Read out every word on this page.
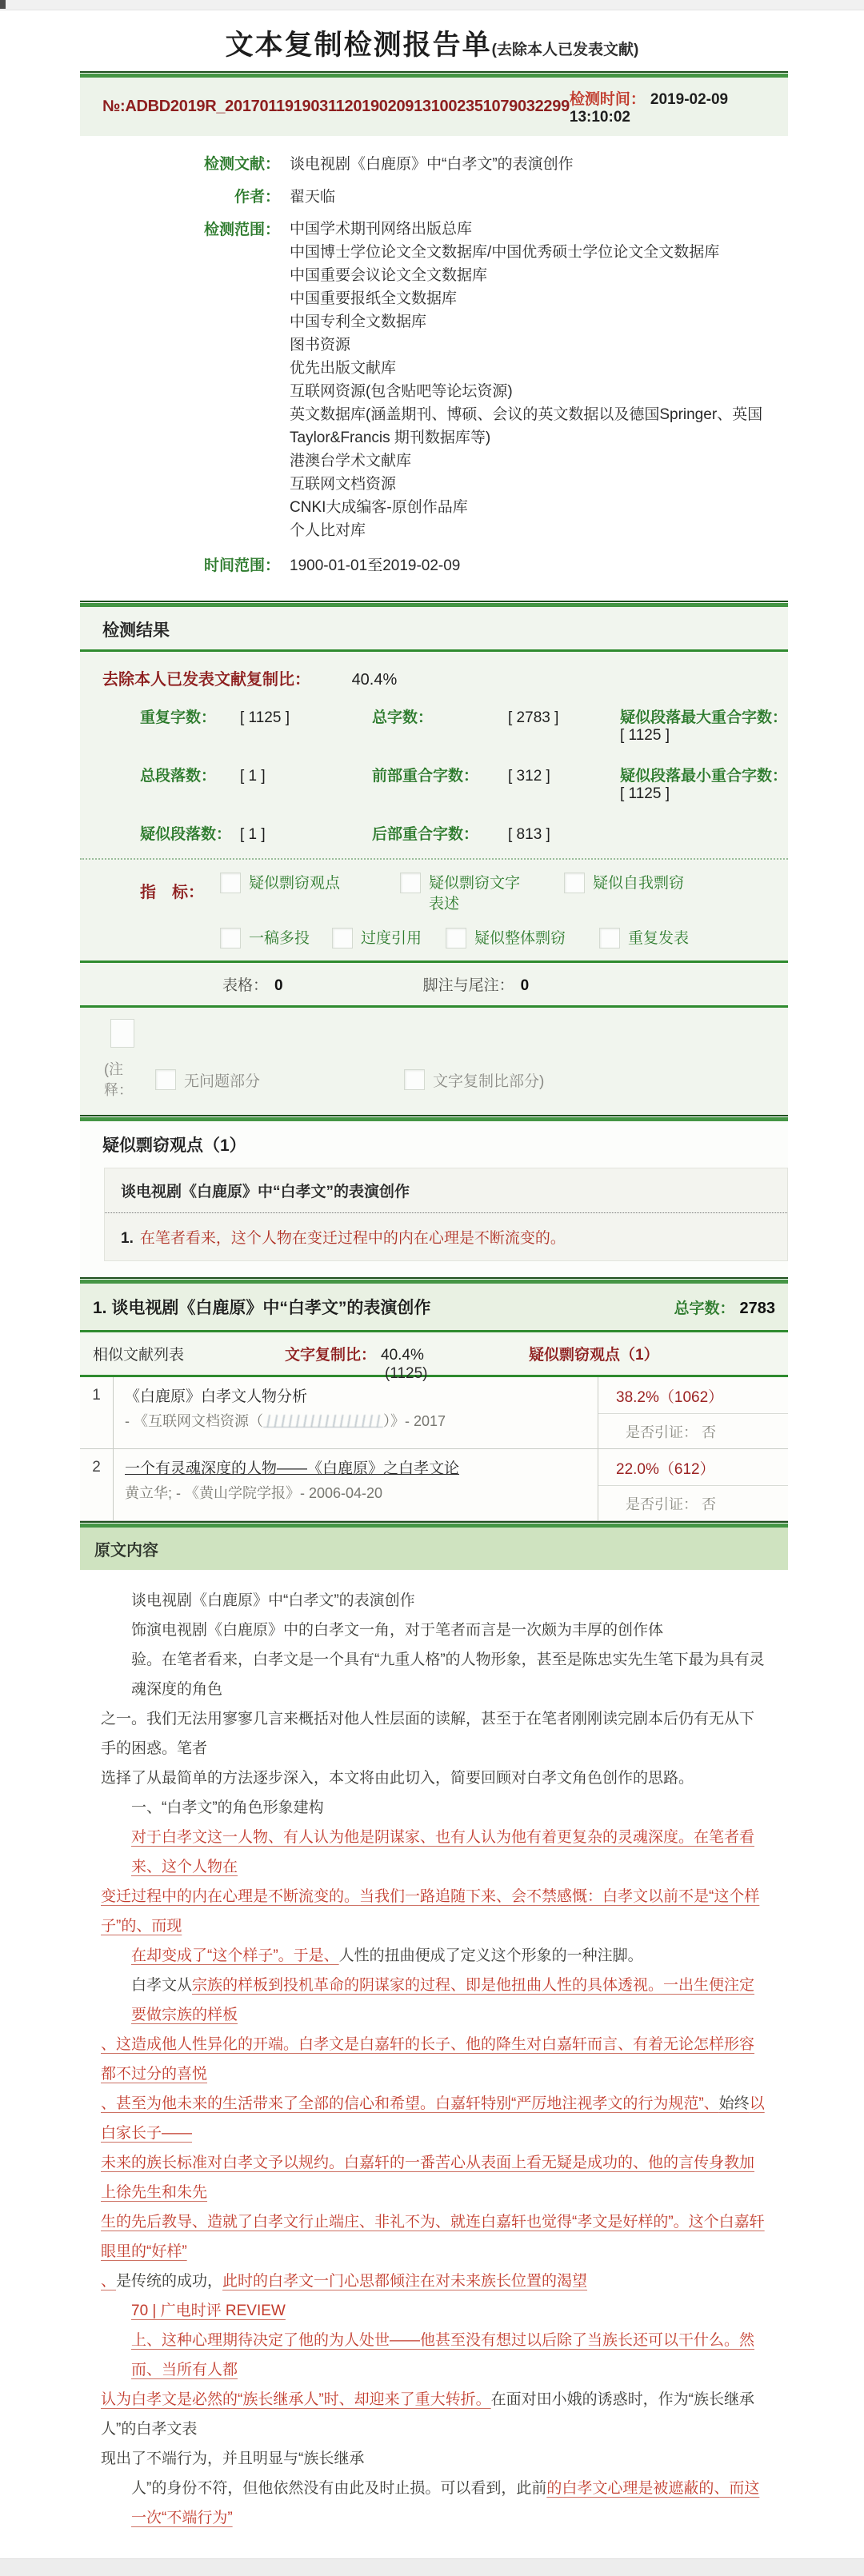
文本复制检测报告单(去除本人已发表文献)
№:ADBD2019R_2017011919031120190209131002351079032299 检测时间： 2019-02-09 13:10:02
检测文献： 谈电视剧《白鹿原》中“白孝文”的表演创作
作者： 翟天临
检测范围： 中国学术期刊网络出版总库
中国博士学位论文全文数据库/中国优秀硕士学位论文全文数据库
中国重要会议论文全文数据库
中国重要报纸全文数据库
中国专利全文数据库
图书资源
优先出版文献库
互联网资源(包含贴吧等论坛资源)
英文数据库(涵盖期刊、博硕、会议的英文数据以及德国Springer、英国Taylor&Francis 期刊数据库等)
港澳台学术文献库
互联网文档资源
CNKI大成编客-原创作品库
个人比对库
时间范围： 1900-01-01至2019-02-09
检测结果
去除本人已发表文献复制比：	40.4%
重复字数： [ 1125 ]	总字数：	[ 2783 ]	疑似段落最大重合字数：[ 1125 ]
总段落数： [ 1 ]	前部重合字数： [ 312 ]	疑似段落最小重合字数：[ 1125 ]
疑似段落数： [ 1 ]	后部重合字数： [ 813 ]
指　标：
疑似剽窃观点	疑似剽窃文字表述
疑似自我剽窃
一稿多投	过度引用	疑似整体剽窃	重复发表
表格： 0	脚注与尾注： 0
(注释：
无问题部分	文字复制比部分)
疑似剽窃观点（1）
谈电视剧《白鹿原》中“白孝文”的表演创作
1. 在笔者看来，这个人物在变迁过程中的内在心理是不断流变的。
1. 谈电视剧《白鹿原》中“白孝文”的表演创作	总字数： 2783
相似文献列表	文字复制比： 40.4%
(1125)
疑似剽窃观点（1）
1	《白鹿原》白孝文人物分析
- 《互联网文档资源（	）》- 2017
38.2%（1062）
是否引证： 否
2	一个有灵魂深度的人物——《白鹿原》之白孝文论
黄立华; - 《黄山学院学报》- 2006-04-20
22.0%（612）
是否引证： 否
原文内容
谈电视剧《白鹿原》中“白孝文”的表演创作
饰演电视剧《白鹿原》中的白孝文一角，对于笔者而言是一次颇为丰厚的创作体
验。在笔者看来，白孝文是一个具有“九重人格”的人物形象，甚至是陈忠实先生笔下最为具有灵魂深度的角色
之一。我们无法用寥寥几言来概括对他人性层面的读解，甚至于在笔者刚刚读完剧本后仍有无从下手的困惑。笔者
选择了从最简单的方法逐步深入，本文将由此切入，简要回顾对白孝文角色创作的思路。
一、“白孝文”的角色形象建构
对于白孝文这一人物、有人认为他是阴谋家、也有人认为他有着更复杂的灵魂深度。在笔者看来、这个人物在
变迁过程中的内在心理是不断流变的。当我们一路追随下来、会不禁感慨：白孝文以前不是“这个样子”的、而现
在却变成了“这个样子”。于是、人性的扭曲便成了定义这个形象的一种注脚。
白孝文从宗族的样板到投机革命的阴谋家的过程、即是他扭曲人性的具体透视。一出生便注定要做宗族的样板
、这造成他人性异化的开端。白孝文是白嘉轩的长子、他的降生对白嘉轩而言、有着无论怎样形容都不过分的喜悦
、甚至为他未来的生活带来了全部的信心和希望。白嘉轩特别“严厉地注视孝文的行为规范”、始终以白家长子——
未来的族长标准对白孝文予以规约。白嘉轩的一番苦心从表面上看无疑是成功的、他的言传身教加上徐先生和朱先
生的先后教导、造就了白孝文行止端庄、非礼不为、就连白嘉轩也觉得“孝文是好样的”。这个白嘉轩眼里的“好样”
、是传统的成功，此时的白孝文一门心思都倾注在对未来族长位置的渴望
70 | 广电时评 REVIEW
上、这种心理期待决定了他的为人处世——他甚至没有想过以后除了当族长还可以干什么。然而、当所有人都
认为白孝文是必然的“族长继承人”时、却迎来了重大转折。在面对田小娥的诱惑时，作为“族长继承人”的白孝文表
现出了不端行为，并且明显与“族长继承
人”的身份不符，但他依然没有由此及时止损。可以看到，此前的白孝文心理是被遮蔽的、而这一次“不端行为”
